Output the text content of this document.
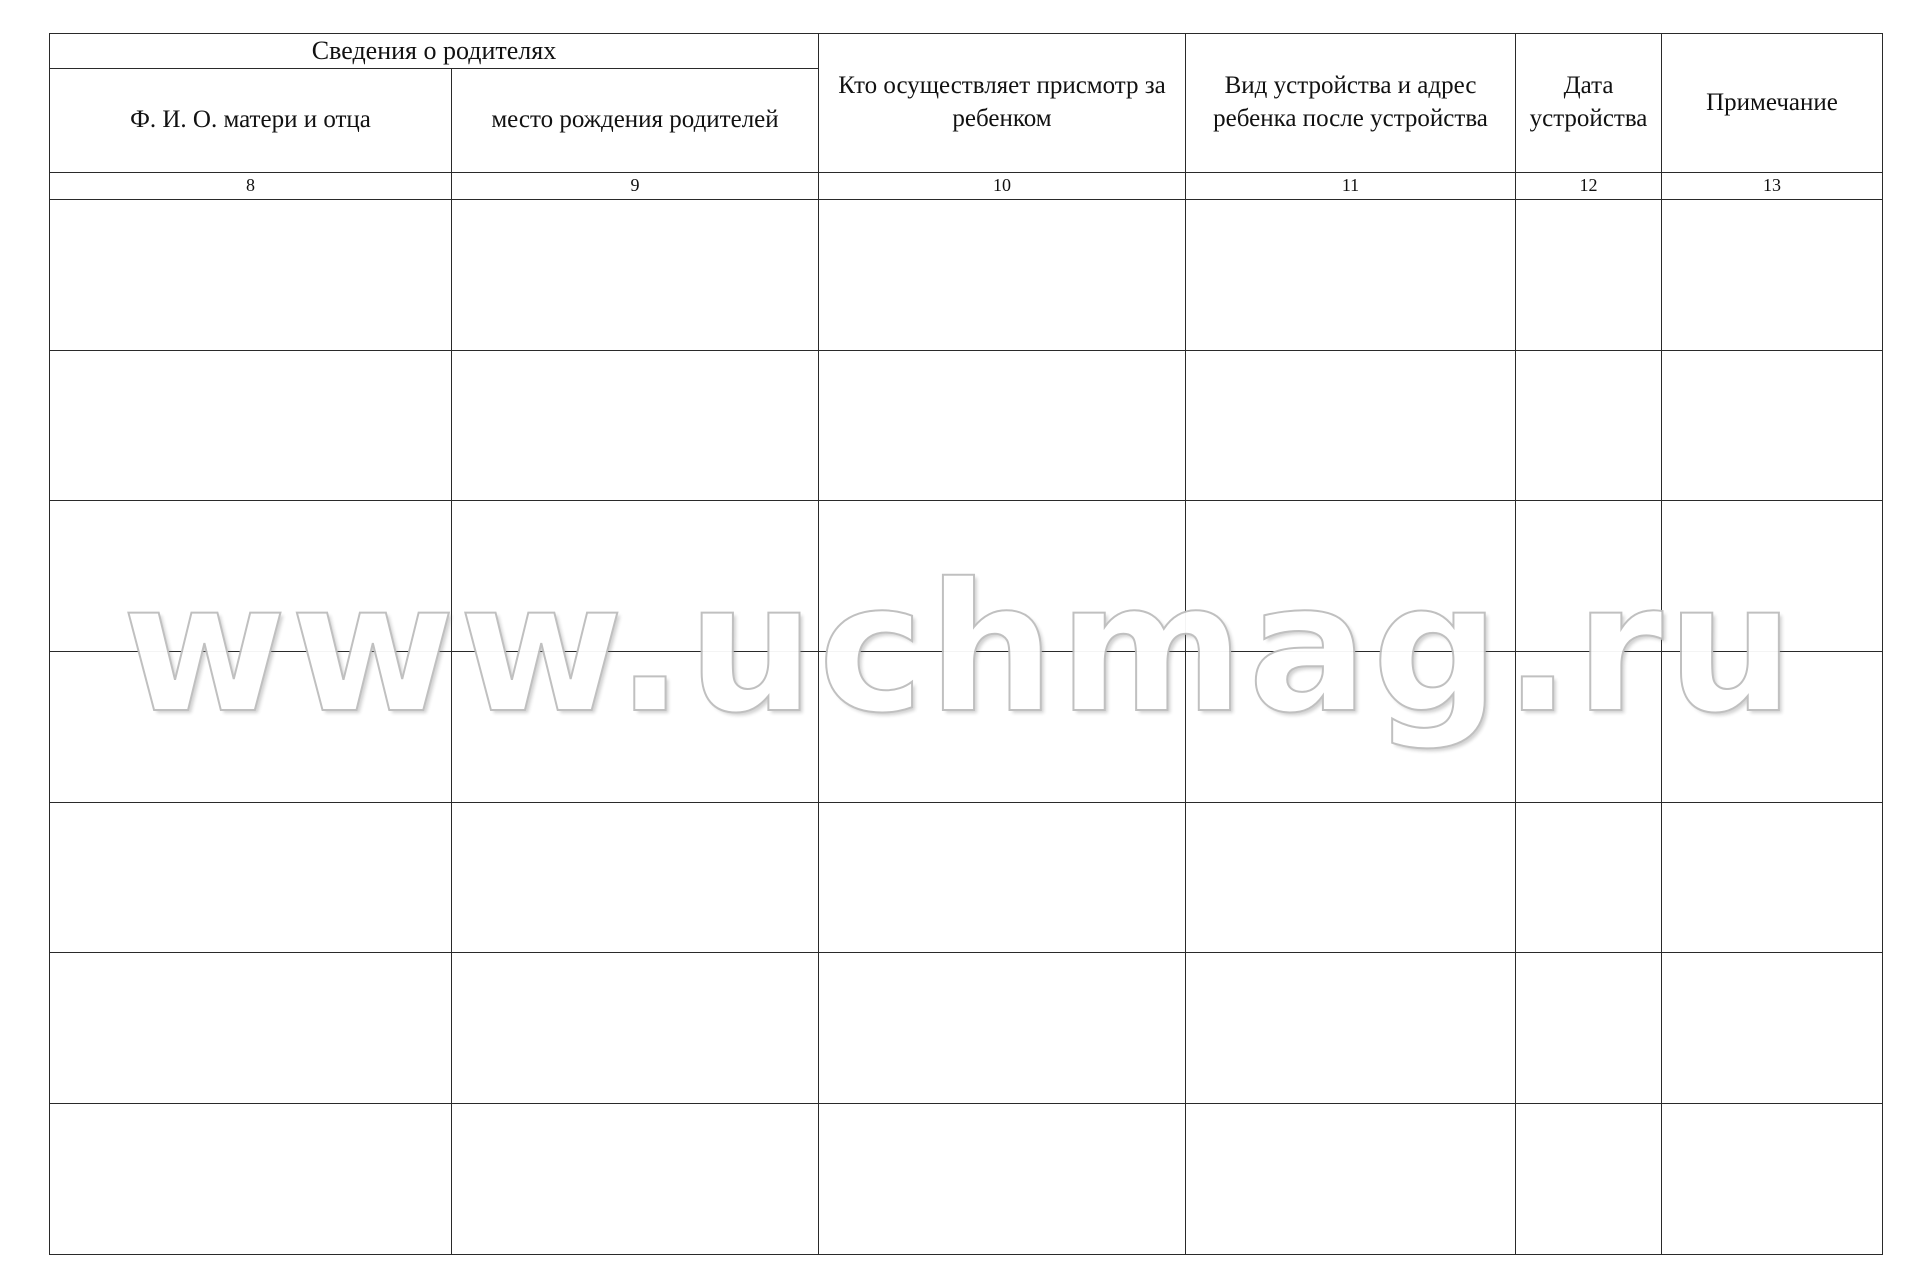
Сведения о родителях		Кто осуществляет присмотр за ребенком	Вид устройства и адрес ребенка после устройства	Дата устройства	Примечание
Ф. И. О. матери и отца	место рождения родителей				
8	9	10	11	12	13

www.uchmag.ru
